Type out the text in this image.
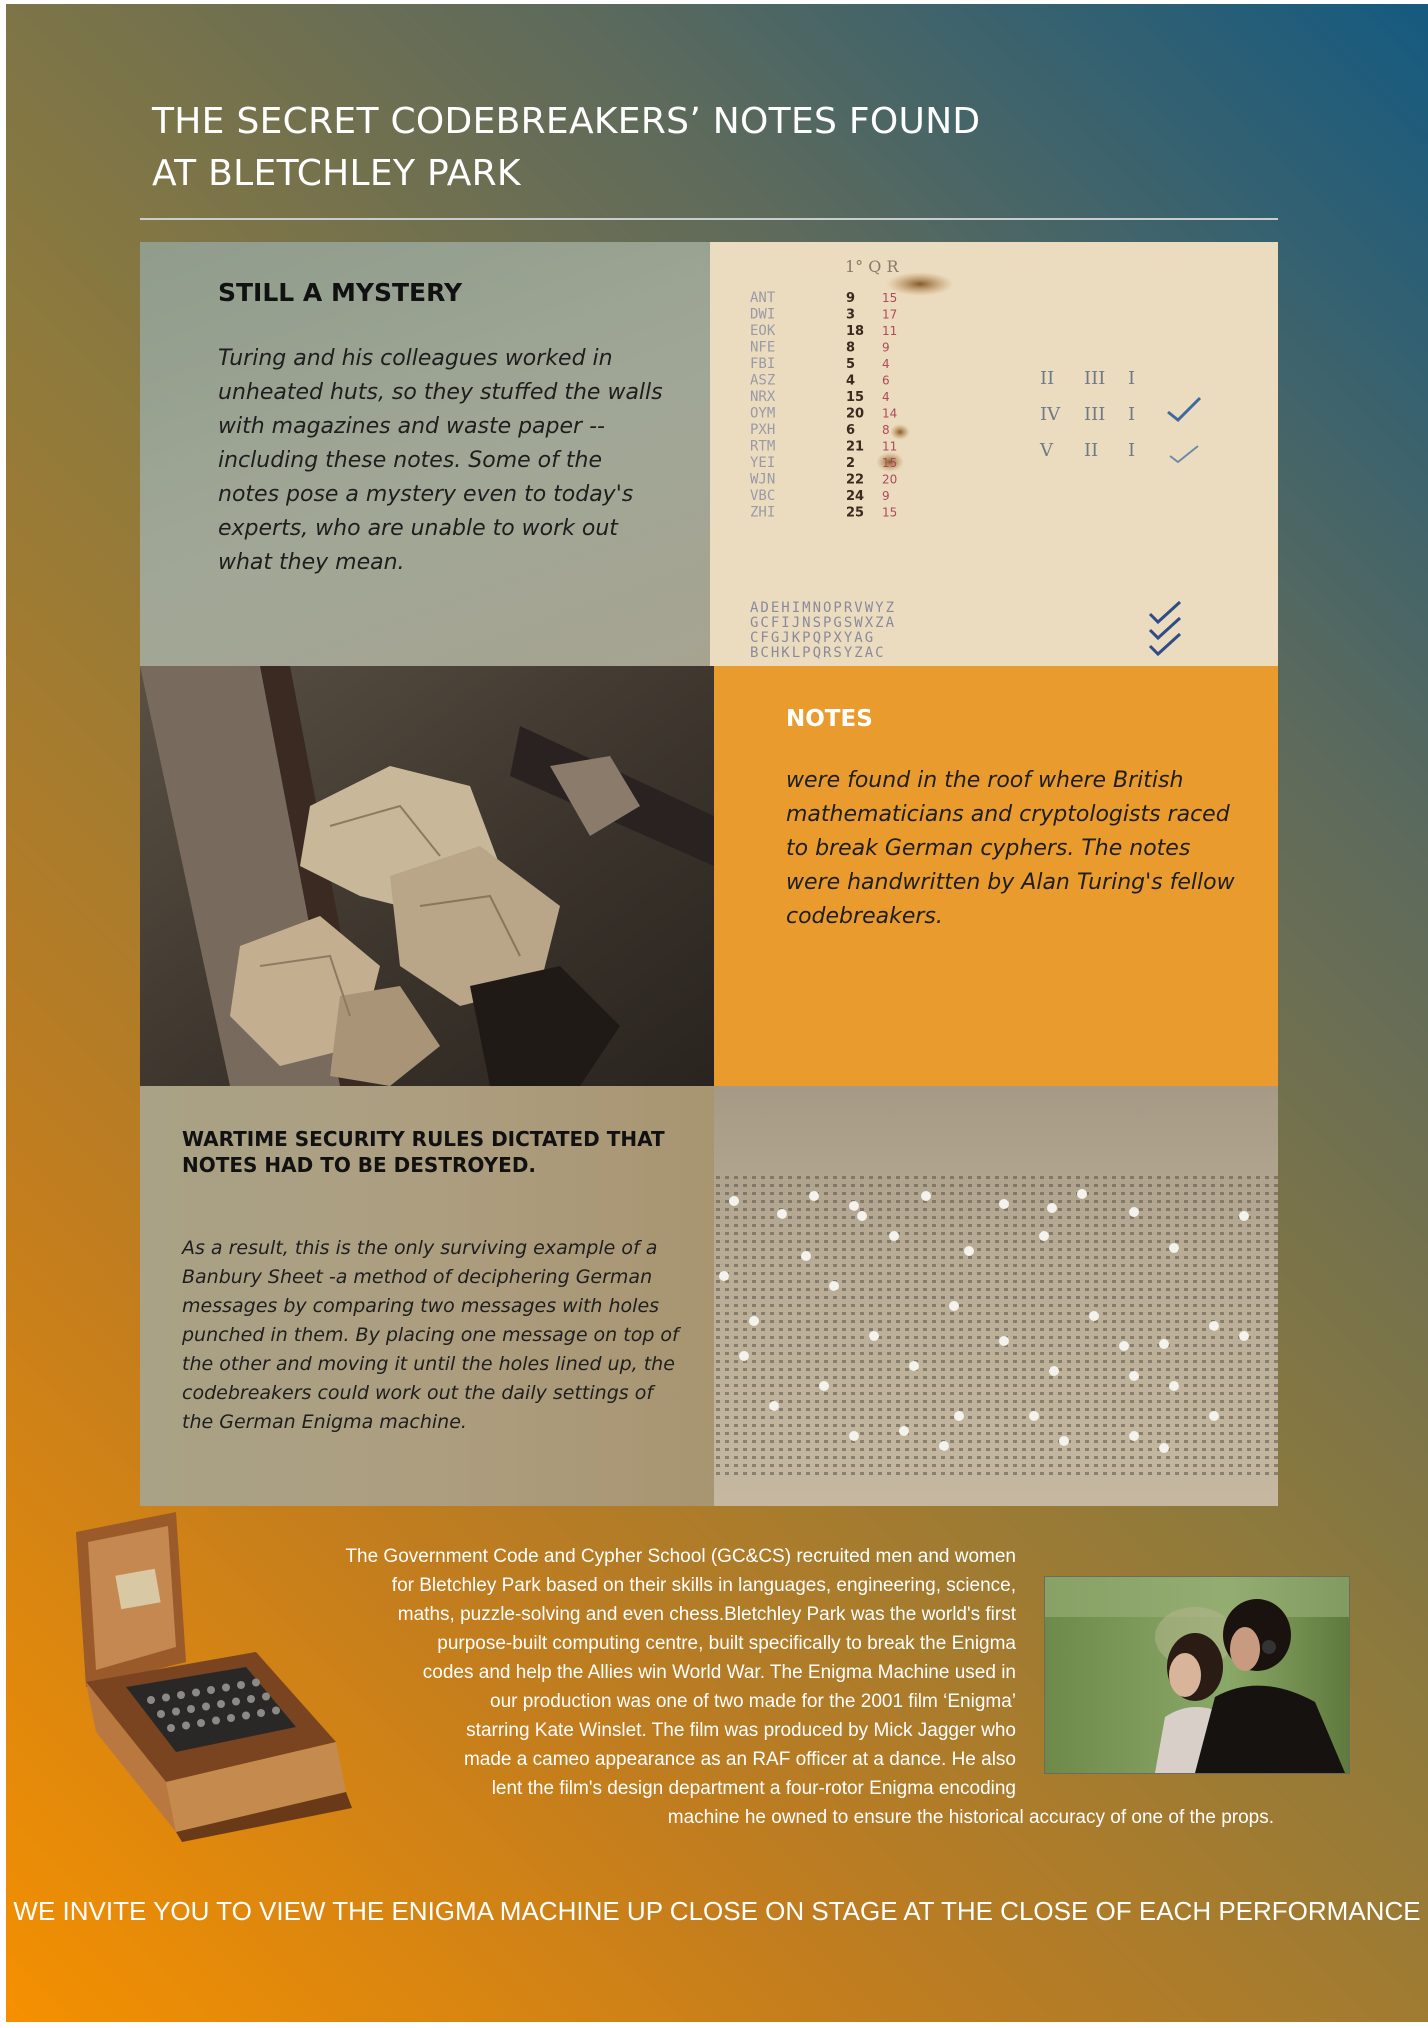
THE SECRET CODEBREAKERS’ NOTES FOUND
AT BLETCHLEY PARK
STILL A MYSTERY
Turing and his colleagues worked in unheated huts, so they stuffed the walls with magazines and waste paper -- including these notes. Some of the notes pose a mystery even to today's experts, who are unable to work out what they mean.
1° Q R
ANT
DWI
EOK
NFE
FBI
ASZ
NRX
OYM
PXH
RTM
YEI
WJN
VBC
ZHI
9
3
18
8
5
4
15
20
6
21
2
22
24
25
15
17
11
9
4
6
4
14
8
11
15
20
9
15
II III I
IV III I
V II I
ADEHIMNOPRVWYZ
GCFIJNSPGSWXZA
CFGJKPQPXYAG
BCHKLPQRSYZAC
NOTES
were found in the roof where British mathematicians and cryptologists raced to break German cyphers. The notes were handwritten by Alan Turing's fellow codebreakers.
WARTIME SECURITY RULES DICTATED THAT NOTES HAD TO BE DESTROYED.
As a result, this is the only surviving example of a Banbury Sheet -a method of deciphering German messages by comparing two messages with holes punched in them. By placing one message on top of the other and moving it until the holes lined up, the codebreakers could work out the daily settings of the German Enigma machine.
The Government Code and Cypher School (GC&CS) recruited men and women
for Bletchley Park based on their skills in languages, engineering, science,
maths, puzzle-solving and even chess.Bletchley Park was the world's first
purpose-built computing centre, built specifically to break the Enigma
codes and help the Allies win World War. The Enigma Machine used in
our production was one of two made for the 2001 film ‘Enigma’
starring Kate Winslet. The film was produced by Mick Jagger who
made a cameo appearance as an RAF officer at a dance. He also
lent the film's design department a four-rotor Enigma encoding
machine he owned to ensure the historical accuracy of one of the props.
WE INVITE YOU TO VIEW THE ENIGMA MACHINE UP CLOSE ON STAGE AT THE CLOSE OF EACH PERFORMANCE
